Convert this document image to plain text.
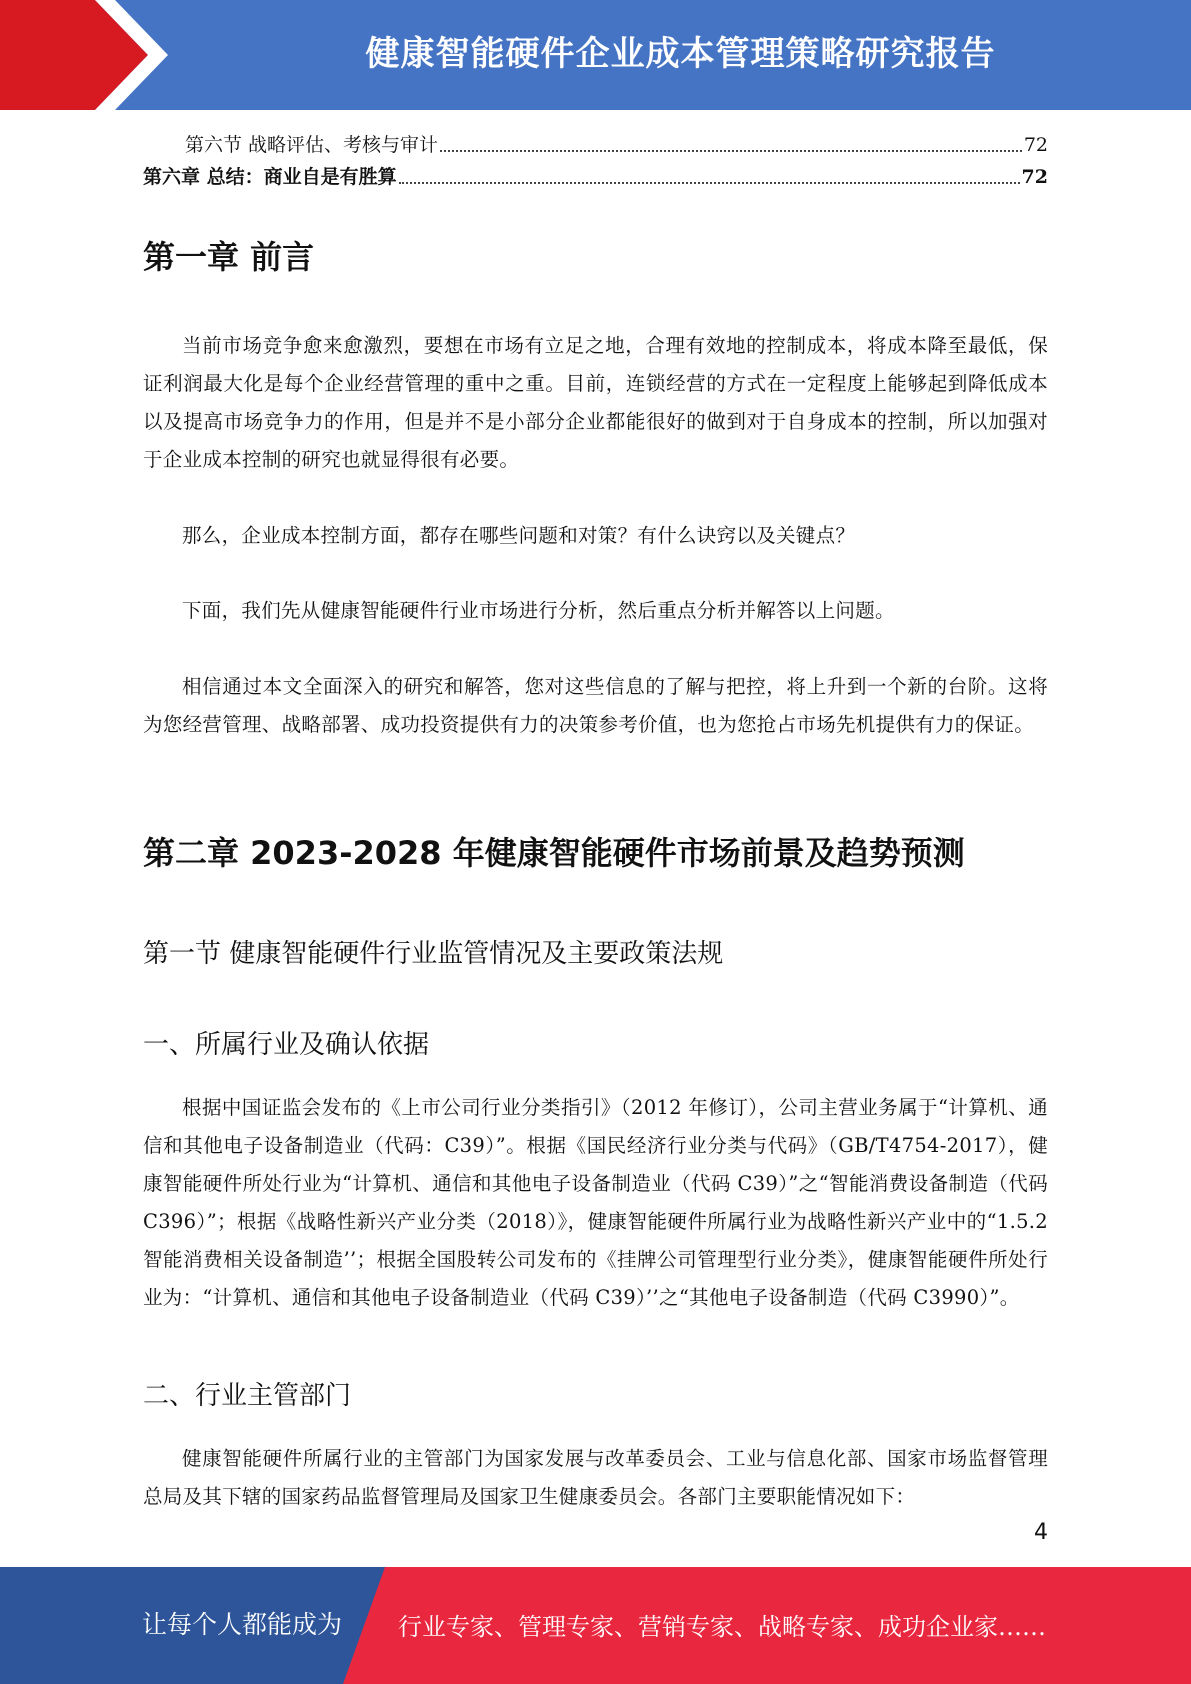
健康智能硬件企业成本管理策略研究报告
第六节 战略评估、考核与审计	72
第六章 总结：商业自是有胜算	72
第一章 前言
当前市场竞争愈来愈激烈，要想在市场有立足之地，合理有效地的控制成本，将成本降至最低，保证利润最大化是每个企业经营管理的重中之重。目前，连锁经营的方式在一定程度上能够起到降低成本以及提高市场竞争力的作用，但是并不是小部分企业都能很好的做到对于自身成本的控制，所以加强对于企业成本控制的研究也就显得很有必要。
那么，企业成本控制方面，都存在哪些问题和对策？有什么诀窍以及关键点？
下面，我们先从健康智能硬件行业市场进行分析，然后重点分析并解答以上问题。
相信通过本文全面深入的研究和解答，您对这些信息的了解与把控，将上升到一个新的台阶。这将为您经营管理、战略部署、成功投资提供有力的决策参考价值，也为您抢占市场先机提供有力的保证。
第二章 2023-2028 年健康智能硬件市场前景及趋势预测
第一节 健康智能硬件行业监管情况及主要政策法规
一、所属行业及确认依据
根据中国证监会发布的《上市公司行业分类指引》（2012 年修订），公司主营业务属于“计算机、通信和其他电子设备制造业（代码：C39）”。根据《国民经济行业分类与代码》（GB/T4754-2017），健康智能硬件所处行业为“计算机、通信和其他电子设备制造业（代码 C39）”之“智能消费设备制造（代码 C396）”；根据《战略性新兴产业分类（2018）》，健康智能硬件所属行业为战略性新兴产业中的“1.5.2 智能消费相关设备制造’’；根据全国股转公司发布的《挂牌公司管理型行业分类》，健康智能硬件所处行业为：“计算机、通信和其他电子设备制造业（代码 C39）’’之“其他电子设备制造（代码 C3990）”。
二、行业主管部门
健康智能硬件所属行业的主管部门为国家发展与改革委员会、工业与信息化部、国家市场监督管理总局及其下辖的国家药品监督管理局及国家卫生健康委员会。各部门主要职能情况如下：
4
让每个人都能成为 行业专家、管理专家、营销专家、战略专家、成功企业家……
